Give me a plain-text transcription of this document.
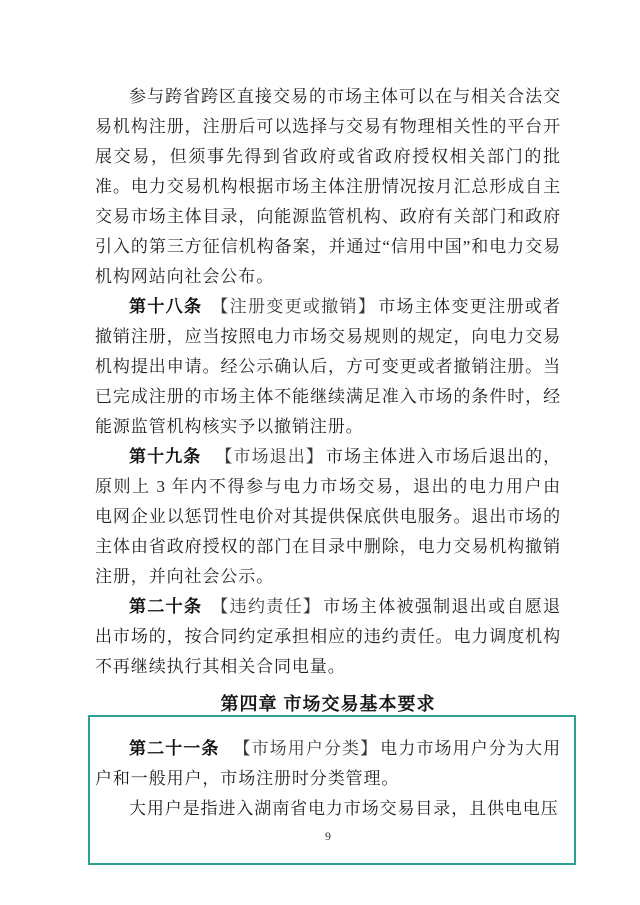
参与跨省跨区直接交易的市场主体可以在与相关合法交易机构注册，注册后可以选择与交易有物理相关性的平台开展交易，但须事先得到省政府或省政府授权相关部门的批准。电力交易机构根据市场主体注册情况按月汇总形成自主交易市场主体目录，向能源监管机构、政府有关部门和政府引入的第三方征信机构备案，并通过“信用中国”和电力交易机构网站向社会公布。

第十八条 【注册变更或撤销】 市场主体变更注册或者撤销注册，应当按照电力市场交易规则的规定，向电力交易机构提出申请。经公示确认后，方可变更或者撤销注册。当已完成注册的市场主体不能继续满足准入市场的条件时，经能源监管机构核实予以撤销注册。

第十九条 【市场退出】 市场主体进入市场后退出的，原则上 3 年内不得参与电力市场交易，退出的电力用户由电网企业以惩罚性电价对其提供保底供电服务。退出市场的主体由省政府授权的部门在目录中删除，电力交易机构撤销注册，并向社会公示。

第二十条 【违约责任】 市场主体被强制退出或自愿退出市场的，按合同约定承担相应的违约责任。电力调度机构不再继续执行其相关合同电量。

第四章 市场交易基本要求

第二十一条 【市场用户分类】 电力市场用户分为大用户和一般用户，市场注册时分类管理。

大用户是指进入湖南省电力市场交易目录，且供电电压

9
